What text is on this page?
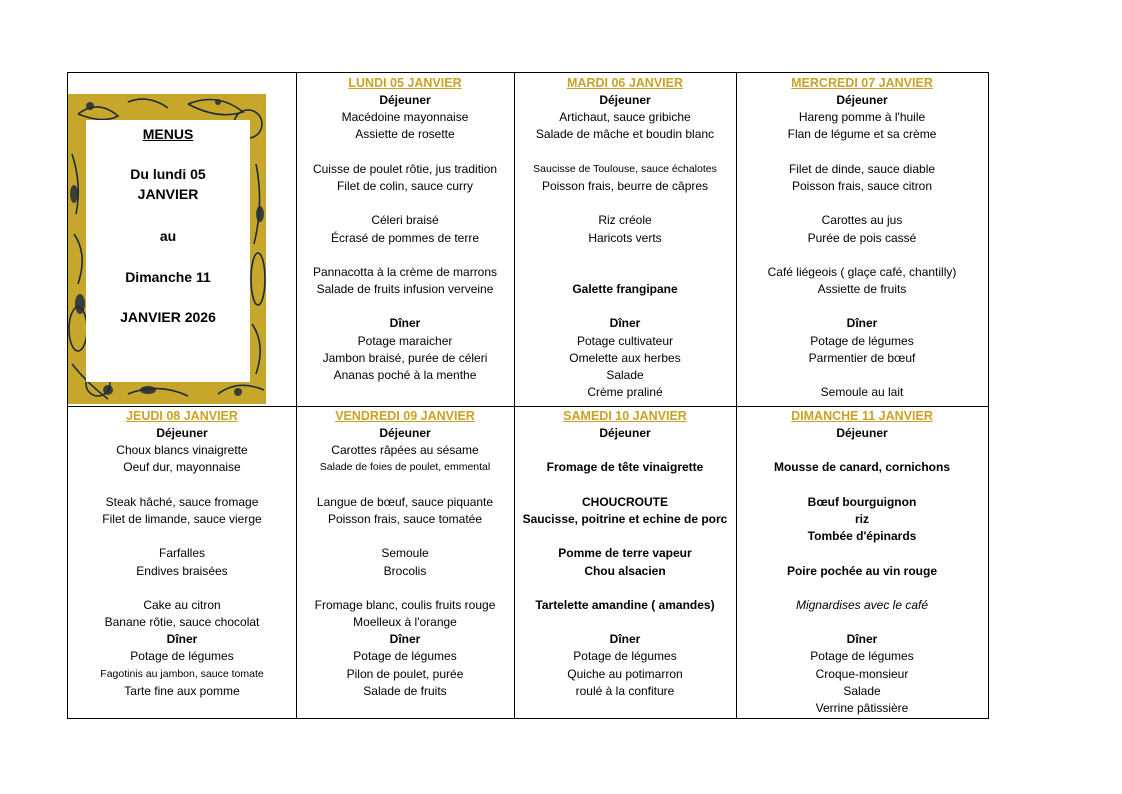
MENUS
Du lundi 05
JANVIER
au
Dimanche 11
JANVIER 2026
LUNDI 05 JANVIER
Déjeuner
Macédoine mayonnaise
Assiette de rosette
Cuisse de poulet rôtie, jus tradition
Filet de colin, sauce curry
Céleri braisé
Écrasé de pommes de terre
Pannacotta à la crème de marrons
Salade de fruits infusion verveine
Dîner
Potage maraicher
Jambon braisé, purée de céleri
Ananas poché à la menthe
MARDI 06 JANVIER
Déjeuner
Artichaut, sauce gribiche
Salade de mâche et boudin blanc
Saucisse de Toulouse, sauce échalotes
Poisson frais, beurre de câpres
Riz créole
Haricots verts
Galette frangipane
Dîner
Potage cultivateur
Omelette aux herbes
Salade
Crème praliné
MERCREDI 07 JANVIER
Déjeuner
Hareng pomme à l'huile
Flan de légume et sa crème
Filet de dinde, sauce diable
Poisson frais, sauce citron
Carottes au jus
Purée de pois cassé
Café liégeois ( glaçe café, chantilly)
Assiette de fruits
Dîner
Potage de légumes
Parmentier de bœuf
Semoule au lait
JEUDI 08 JANVIER
Déjeuner
Choux blancs vinaigrette
Oeuf dur, mayonnaise
Steak hâché, sauce fromage
Filet de limande, sauce vierge
Farfalles
Endives braisées
Cake au citron
Banane rôtie, sauce chocolat
Dîner
Potage de légumes
Fagotinis au jambon, sauce tomate
Tarte fine aux pomme
VENDREDI 09 JANVIER
Déjeuner
Carottes râpées au sésame
Salade de foies de poulet, emmental
Langue de bœuf, sauce piquante
Poisson frais, sauce tomatée
Semoule
Brocolis
Fromage blanc, coulis fruits rouge
Moelleux à l'orange
Dîner
Potage de légumes
Pilon de poulet, purée
Salade de fruits
SAMEDI 10 JANVIER
Déjeuner
Fromage de tête vinaigrette
CHOUCROUTE
Saucisse, poitrine et echine de porc
Pomme de terre vapeur
Chou alsacien
Tartelette amandine ( amandes)
Dîner
Potage de légumes
Quiche au potimarron
roulé à la confiture
DIMANCHE 11 JANVIER
Déjeuner
Mousse de canard, cornichons
Bœuf bourguignon
riz
Tombée d'épinards
Poire pochée au vin rouge
Mignardises avec le café
Dîner
Potage de légumes
Croque-monsieur
Salade
Verrine pâtissière
